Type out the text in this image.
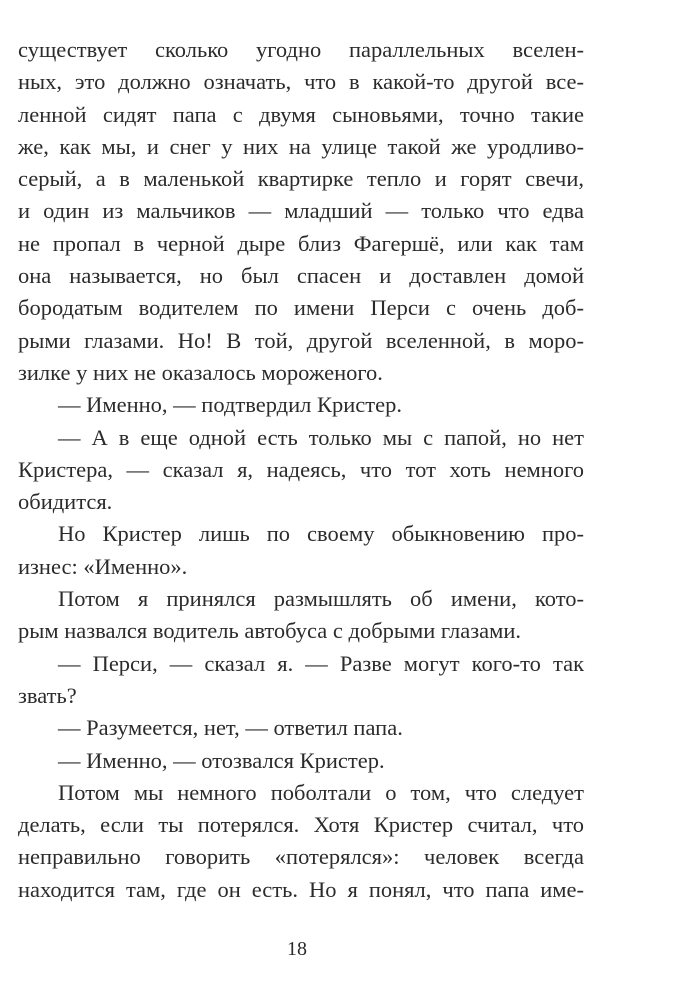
существует сколько угодно параллельных вселен-
ных, это должно означать, что в какой-то другой все-
ленной сидят папа с двумя сыновьями, точно такие
же, как мы, и снег у них на улице такой же уродливо-
серый, а в маленькой квартирке тепло и горят свечи,
и один из мальчиков — младший — только что едва
не пропал в черной дыре близ Фагершё, или как там
она называется, но был спасен и доставлен домой
бородатым водителем по имени Перси с очень доб-
рыми глазами. Но! В той, другой вселенной, в моро-
зилке у них не оказалось мороженого.
— Именно, — подтвердил Кристер.
— А в еще одной есть только мы с папой, но нет
Кристера, — сказал я, надеясь, что тот хоть немного
обидится.
Но Кристер лишь по своему обыкновению про-
изнес: «Именно».
Потом я принялся размышлять об имени, кото-
рым назвался водитель автобуса с добрыми глазами.
— Перси, — сказал я. — Разве могут кого-то так
звать?
— Разумеется, нет, — ответил папа.
— Именно, — отозвался Кристер.
Потом мы немного поболтали о том, что следует
делать, если ты потерялся. Хотя Кристер считал, что
неправильно говорить «потерялся»: человек всегда
находится там, где он есть. Но я понял, что папа име-
18
